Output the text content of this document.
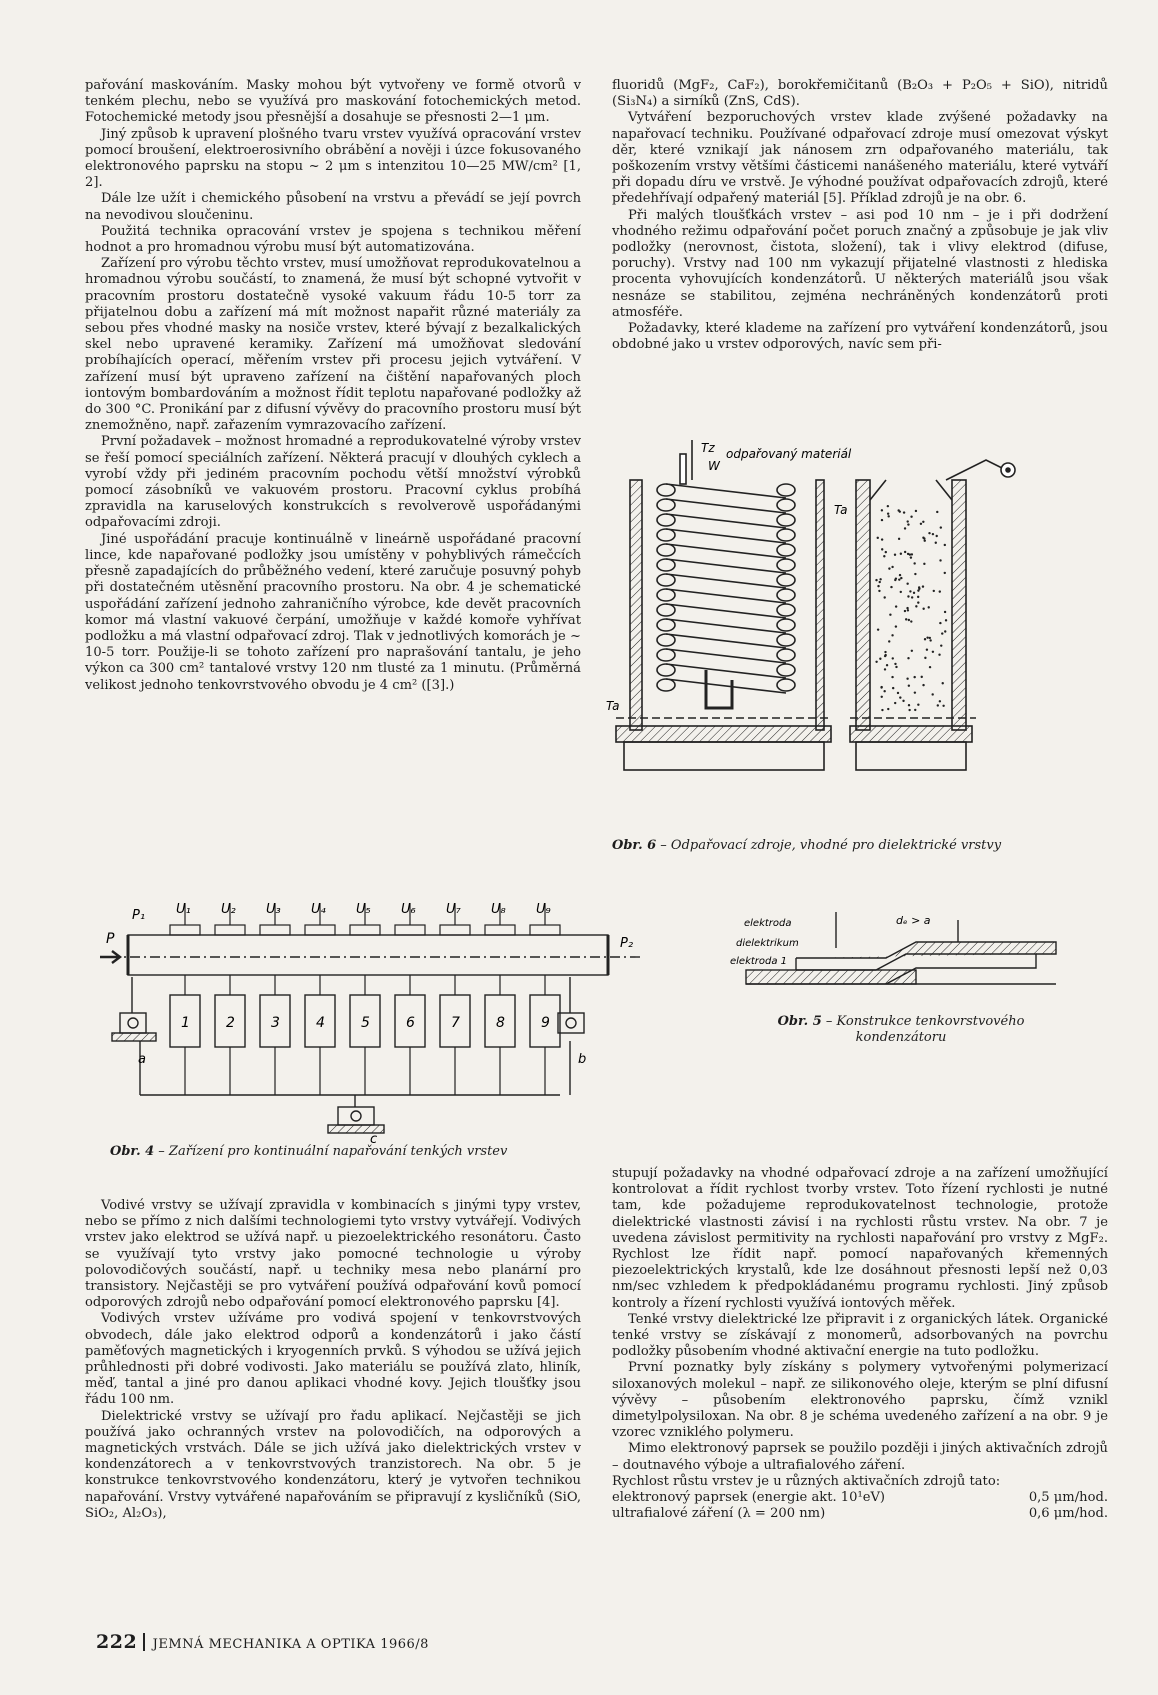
pařování maskováním. Masky mohou být vytvořeny ve formě otvorů v tenkém plechu, nebo se využívá pro maskování fotochemických metod. Fotochemické metody jsou přesnější a dosahuje se přesnosti 2—1 μm.

Jiný způsob k upravení plošného tvaru vrstev využívá opracování vrstev pomocí broušení, elektroerosivního obrábění a nověji i úzce fokusovaného elektronového paprsku na stopu ~ 2 μm s intenzitou 10—25 MW/cm² [1, 2].

Dále lze užít i chemického působení na vrstvu a převádí se její povrch na nevodivou sloučeninu.

Použitá technika opracování vrstev je spojena s technikou měření hodnot a pro hromadnou výrobu musí být automatizována.

Zařízení pro výrobu těchto vrstev, musí umožňovat reprodukovatelnou a hromadnou výrobu součástí, to znamená, že musí být schopné vytvořit v pracovním prostoru dostatečně vysoké vakuum řádu 10-5 torr za přijatelnou dobu a zařízení má mít možnost napařit různé materiály za sebou přes vhodné masky na nosiče vrstev, které bývají z bezalkalických skel nebo upravené keramiky. Zařízení má umožňovat sledování probíhajících operací, měřením vrstev při procesu jejich vytváření. V zařízení musí být upraveno zařízení na čištění napařovaných ploch iontovým bombardováním a možnost řídit teplotu napařované podložky až do 300 °C. Pronikání par z difusní vývěvy do pracovního prostoru musí být znemožněno, např. zařazením vymrazovacího zařízení.

První požadavek – možnost hromadné a reprodukovatelné výroby vrstev se řeší pomocí speciálních zařízení. Některá pracují v dlouhých cyklech a vyrobí vždy při jediném pracovním pochodu větší množství výrobků pomocí zásobníků ve vakuovém prostoru. Pracovní cyklus probíhá zpravidla na karuselových konstrukcích s revolverově uspořádanými odpařovacími zdroji.

Jiné uspořádání pracuje kontinuálně v lineárně uspořádané pracovní lince, kde napařované podložky jsou umístěny v pohyblivých rámečcích přesně zapadajících do průběžného vedení, které zaručuje posuvný pohyb při dostatečném utěsnění pracovního prostoru. Na obr. 4 je schematické uspořádání zařízení jednoho zahraničního výrobce, kde devět pracovních komor má vlastní vakuové čerpání, umožňuje v každé komoře vyhřívat podložku a má vlastní odpařovací zdroj. Tlak v jednotlivých komorách je ~ 10-5 torr. Použije-li se tohoto zařízení pro naprašování tantalu, je jeho výkon ca 300 cm² tantalové vrstvy 120 nm tlusté za 1 minutu. (Průměrná velikost jednoho tenkovrstvového obvodu je 4 cm² ([3].)

fluoridů (MgF₂, CaF₂), borokřemičitanů (B₂O₃ + P₂O₅ + SiO), nitridů (Si₃N₄) a sirníků (ZnS, CdS).

Vytváření bezporuchových vrstev klade zvýšené požadavky na napařovací techniku. Používané odpařovací zdroje musí omezovat výskyt děr, které vznikají jak nánosem zrn odpařovaného materiálu, tak poškozením vrstvy většími částicemi nanášeného materiálu, které vytváří při dopadu díru ve vrstvě. Je výhodné používat odpařovacích zdrojů, které předehřívají odpařený materiál [5]. Příklad zdrojů je na obr. 6.

Při malých tloušťkách vrstev – asi pod 10 nm – je i při dodržení vhodného režimu odpařování počet poruch značný a způsobuje je jak vliv podložky (nerovnost, čistota, složení), tak i vlivy elektrod (difuse, poruchy). Vrstvy nad 100 nm vykazují přijatelné vlastnosti z hlediska procenta vyhovujících kondenzátorů. U některých materiálů jsou však nesnáze se stabilitou, zejména nechráněných kondenzátorů proti atmosféře.

Požadavky, které klademe na zařízení pro vytváření kondenzátorů, jsou obdobné jako u vrstev odporových, navíc sem při-

Tz
W
odpařovaný materiál
Ta
Ta
Obr. 6 – Odpařovací zdroje, vhodné pro dielektrické vrstvy
elektroda
dielektrikum
elektroda 1
dₑ > a
Obr. 5 – Konstrukce tenkovrstvového kondenzátoru
U₁
1
U₂
2
U₃
3
U₄
4
U₅
5
U₆
6
U₇
7
U₈
8
U₉
9
P
P₁
P₂
a	b
c
Obr. 4 – Zařízení pro kontinuální napařování tenkých vrstev

Vodivé vrstvy se užívají zpravidla v kombinacích s jinými typy vrstev, nebo se přímo z nich dalšími technologiemi tyto vrstvy vytvářejí. Vodivých vrstev jako elektrod se užívá např. u piezoelektrického resonátoru. Často se využívají tyto vrstvy jako pomocné technologie u výroby polovodičových součástí, např. u techniky mesa nebo planární pro transistory. Nejčastěji se pro vytváření používá odpařování kovů pomocí odporových zdrojů nebo odpařování pomocí elektronového paprsku [4].

Vodivých vrstev užíváme pro vodivá spojení v tenkovrstvových obvodech, dále jako elektrod odporů a kondenzátorů i jako částí paměťových magnetických i kryogenních prvků. S výhodou se užívá jejich průhlednosti při dobré vodivosti. Jako materiálu se používá zlato, hliník, měď, tantal a jiné pro danou aplikaci vhodné kovy. Jejich tloušťky jsou řádu 100 nm.

Dielektrické vrstvy se užívají pro řadu aplikací. Nejčastěji se jich používá jako ochranných vrstev na polovodičích, na odporových a magnetických vrstvách. Dále se jich užívá jako dielektrických vrstev v kondenzátorech a v tenkovrstvových tranzistorech. Na obr. 5 je konstrukce tenkovrstvového kondenzátoru, který je vytvořen technikou napařování. Vrstvy vytvářené napařováním se připravují z kysličníků (SiO, SiO₂, Al₂O₃),

stupují požadavky na vhodné odpařovací zdroje a na zařízení umožňující kontrolovat a řídit rychlost tvorby vrstev. Toto řízení rychlosti je nutné tam, kde požadujeme reprodukovatelnost technologie, protože dielektrické vlastnosti závisí i na rychlosti růstu vrstev. Na obr. 7 je uvedena závislost permitivity na rychlosti napařování pro vrstvy z MgF₂. Rychlost lze řídit např. pomocí napařovaných křemenných piezoelektrických krystalů, kde lze dosáhnout přesnosti lepší než 0,03 nm/sec vzhledem k předpokládanému programu rychlosti. Jiný způsob kontroly a řízení rychlosti využívá iontových měřek.

Tenké vrstvy dielektrické lze připravit i z organických látek. Organické tenké vrstvy se získávají z monomerů, adsorbovaných na povrchu podložky působením vhodné aktivační energie na tuto podložku.

První poznatky byly získány s polymery vytvořenými polymerizací siloxanových molekul – např. ze silikonového oleje, kterým se plní difusní vývěvy – působením elektronového paprsku, čímž vznikl dimetylpolysiloxan. Na obr. 8 je schéma uvedeného zařízení a na obr. 9 je vzorec vzniklého polymeru.

Mimo elektronový paprsek se použilo později i jiných aktivačních zdrojů – doutnavého výboje a ultrafialového záření.

Rychlost růstu vrstev je u různých aktivačních zdrojů tato:

elektronový paprsek (energie akt. 10¹eV)	0,5 μm/hod.
ultrafialové záření (λ = 200 nm)	0,6 μm/hod.
222 JEMNÁ MECHANIKA A OPTIKA 1966/8
